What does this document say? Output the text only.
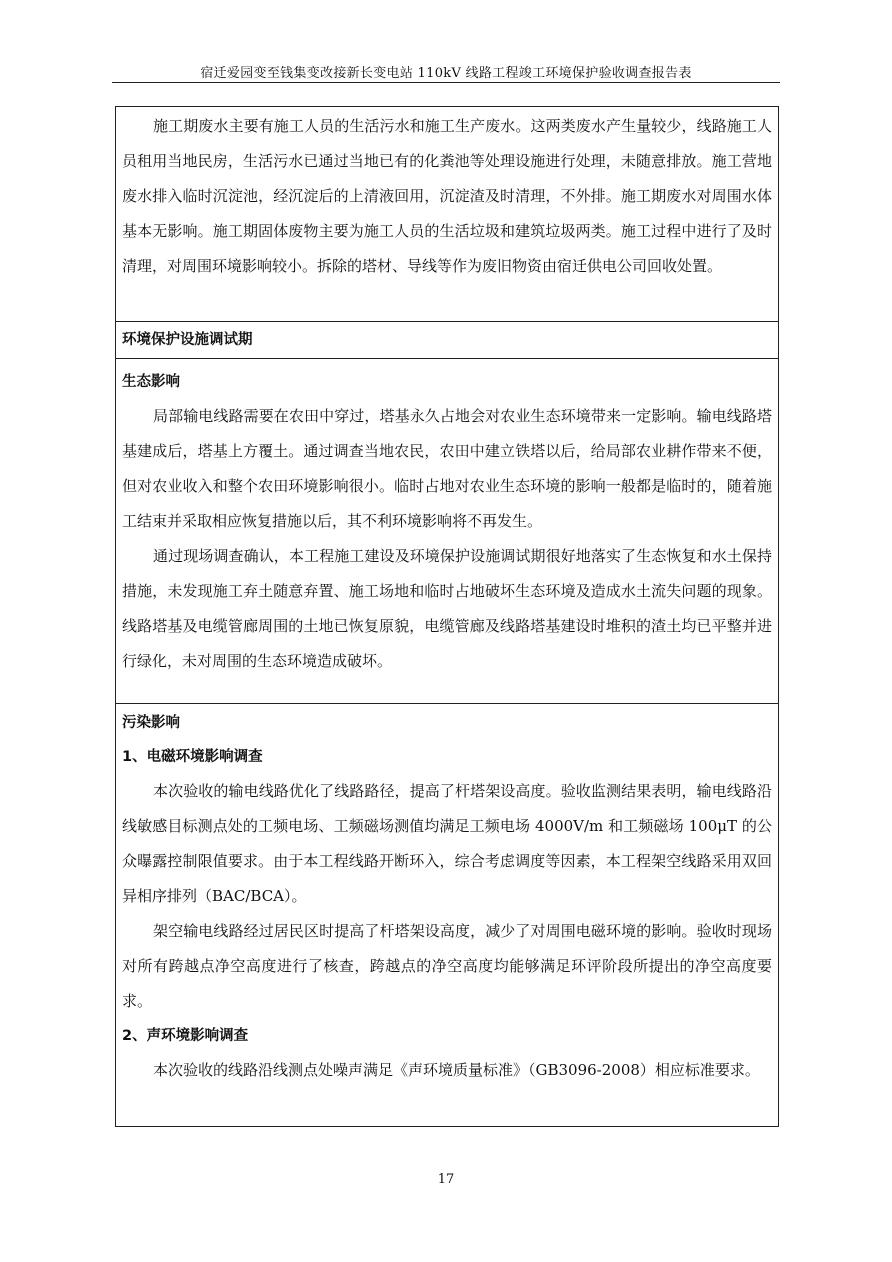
宿迁爱园变至钱集变改接新长变电站 110kV 线路工程竣工环境保护验收调查报告表

施工期废水主要有施工人员的生活污水和施工生产废水。这两类废水产生量较少，线路施工人员租用当地民房，生活污水已通过当地已有的化粪池等处理设施进行处理，未随意排放。施工营地废水排入临时沉淀池，经沉淀后的上清液回用，沉淀渣及时清理，不外排。施工期废水对周围水体基本无影响。施工期固体废物主要为施工人员的生活垃圾和建筑垃圾两类。施工过程中进行了及时清理，对周围环境影响较小。拆除的塔材、导线等作为废旧物资由宿迁供电公司回收处置。

环境保护设施调试期

生态影响

局部输电线路需要在农田中穿过，塔基永久占地会对农业生态环境带来一定影响。输电线路塔基建成后，塔基上方覆土。通过调查当地农民，农田中建立铁塔以后，给局部农业耕作带来不便，但对农业收入和整个农田环境影响很小。临时占地对农业生态环境的影响一般都是临时的，随着施工结束并采取相应恢复措施以后，其不利环境影响将不再发生。

通过现场调查确认，本工程施工建设及环境保护设施调试期很好地落实了生态恢复和水土保持措施，未发现施工弃土随意弃置、施工场地和临时占地破坏生态环境及造成水土流失问题的现象。线路塔基及电缆管廊周围的土地已恢复原貌，电缆管廊及线路塔基建设时堆积的渣土均已平整并进行绿化，未对周围的生态环境造成破坏。

污染影响

1、电磁环境影响调查

本次验收的输电线路优化了线路路径，提高了杆塔架设高度。验收监测结果表明，输电线路沿线敏感目标测点处的工频电场、工频磁场测值均满足工频电场 4000V/m 和工频磁场 100μT 的公众曝露控制限值要求。由于本工程线路开断环入，综合考虑调度等因素，本工程架空线路采用双回异相序排列（BAC/BCA）。

架空输电线路经过居民区时提高了杆塔架设高度，减少了对周围电磁环境的影响。验收时现场对所有跨越点净空高度进行了核查，跨越点的净空高度均能够满足环评阶段所提出的净空高度要求。

2、声环境影响调查

本次验收的线路沿线测点处噪声满足《声环境质量标准》（GB3096-2008）相应标准要求。

17
